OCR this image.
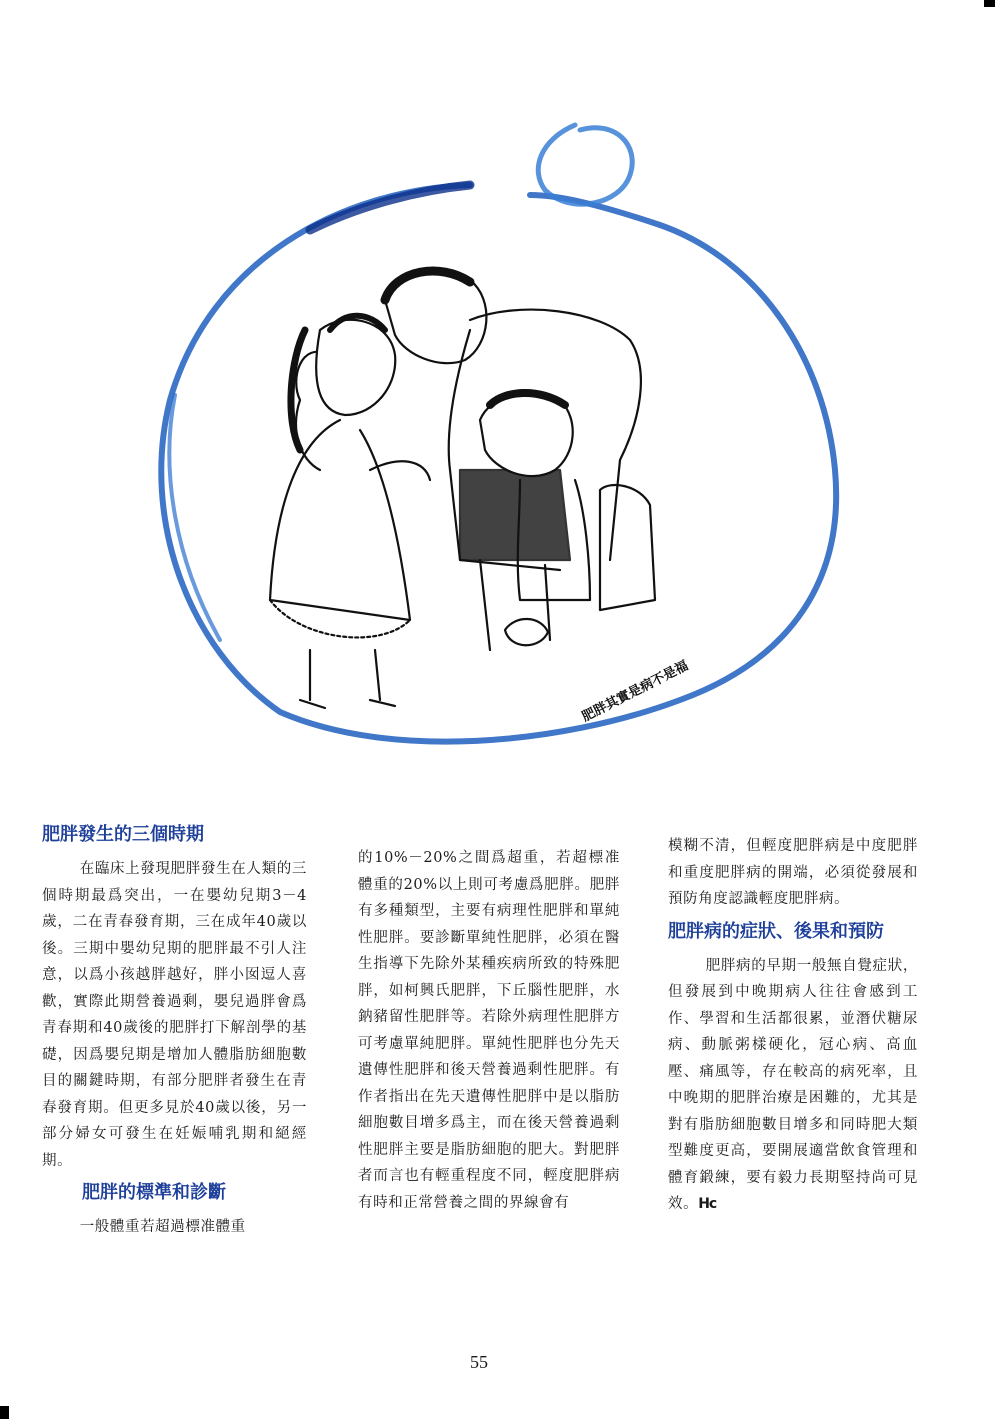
肥胖其實是病不是福
肥胖發生的三個時期

在臨床上發現肥胖發生在人類的三個時期最爲突出，一在嬰幼兒期3－4歲，二在青春發育期，三在成年40歲以後。三期中嬰幼兒期的肥胖最不引人注意，以爲小孩越胖越好，胖小囡逗人喜歡，實際此期營養過剩，嬰兒過胖會爲青春期和40歲後的肥胖打下解剖學的基礎，因爲嬰兒期是增加人體脂肪細胞數目的關鍵時期，有部分肥胖者發生在青春發育期。但更多見於40歲以後，另一部分婦女可發生在妊娠哺乳期和絕經期。

肥胖的標準和診斷

一般體重若超過標准體重

的10%－20%之間爲超重，若超標准體重的20%以上則可考慮爲肥胖。肥胖有多種類型，主要有病理性肥胖和單純性肥胖。要診斷單純性肥胖，必須在醫生指導下先除外某種疾病所致的特殊肥胖，如柯興氏肥胖，下丘腦性肥胖，水鈉豬留性肥胖等。若除外病理性肥胖方可考慮單純肥胖。單純性肥胖也分先天遺傳性肥胖和後天營養過剩性肥胖。有作者指出在先天遺傳性肥胖中是以脂肪細胞數目增多爲主，而在後天營養過剩性肥胖主要是脂肪細胞的肥大。對肥胖者而言也有輕重程度不同，輕度肥胖病有時和正常營養之間的界線會有

模糊不清，但輕度肥胖病是中度肥胖和重度肥胖病的開端，必須從發展和預防角度認識輕度肥胖病。

肥胖病的症狀、後果和預防

肥胖病的早期一般無自覺症狀，但發展到中晚期病人往往會感到工作、學習和生活都很累，並潛伏糖尿病、動脈粥樣硬化，冠心病、高血壓、痛風等，存在較高的病死率，且中晚期的肥胖治療是困難的，尤其是對有脂肪細胞數目增多和同時肥大類型難度更高，要開展適當飲食管理和體育鍛練，要有毅力長期堅持尚可見效。Hc

55
